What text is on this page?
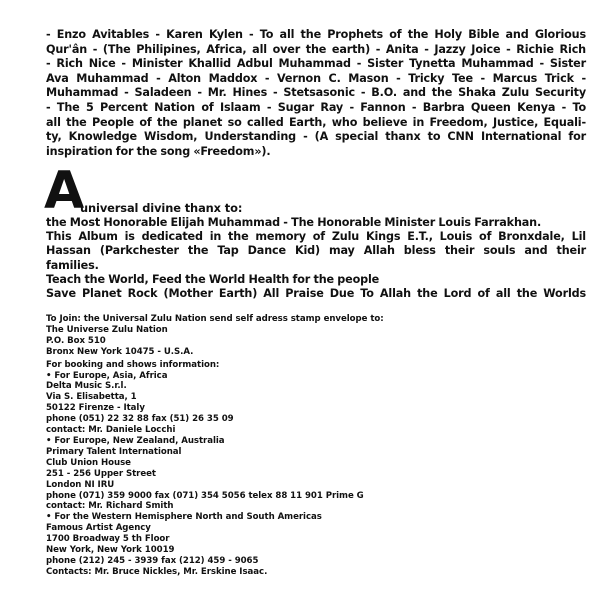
- Enzo Avitables - Karen Kylen - To all the Prophets of the Holy Bible and Glorious
Qur'ân - (The Philipines, Africa, all over the earth) - Anita - Jazzy Joice - Richie Rich
- Rich Nice - Minister Khallid Adbul Muhammad - Sister Tynetta Muhammad - Sister
Ava Muhammad - Alton Maddox - Vernon C. Mason - Tricky Tee - Marcus Trick -
Muhammad - Saladeen - Mr. Hines - Stetsasonic - B.O. and the Shaka Zulu Security
- The 5 Percent Nation of Islaam - Sugar Ray - Fannon - Barbra Queen Kenya - To
all the People of the planet so called Earth, who believe in Freedom, Justice, Equali-
ty, Knowledge Wisdom, Understanding - (A special thanx to CNN International for
inspiration for the song «Freedom»).
A
universal divine thanx to:
the Most Honorable Elijah Muhammad - The Honorable Minister Louis Farrakhan.
This Album is dedicated in the memory of Zulu Kings E.T., Louis of Bronxdale, Lil
Hassan (Parkchester the Tap Dance Kid) may Allah bless their souls and their
families.
Teach the World, Feed the World Health for the people
Save Planet Rock (Mother Earth) All Praise Due To Allah the Lord of all the Worlds
To Join: the Universal Zulu Nation send self adress stamp envelope to:
The Universe Zulu Nation
P.O. Box 510
Bronx New York 10475 - U.S.A.
For booking and shows information:
• For Europe, Asia, Africa
Delta Music S.r.l.
Via S. Elisabetta, 1
50122 Firenze - Italy
phone (051) 22 32 88 fax (51) 26 35 09
contact: Mr. Daniele Locchi
• For Europe, New Zealand, Australia
Primary Talent International
Club Union House
251 - 256 Upper Street
London NI IRU
phone (071) 359 9000 fax (071) 354 5056 telex 88 11 901 Prime G
contact: Mr. Richard Smith
• For the Western Hemisphere North and South Americas
Famous Artist Agency
1700 Broadway 5 th Floor
New York, New York 10019
phone (212) 245 - 3939 fax (212) 459 - 9065
Contacts: Mr. Bruce Nickles, Mr. Erskine Isaac.
